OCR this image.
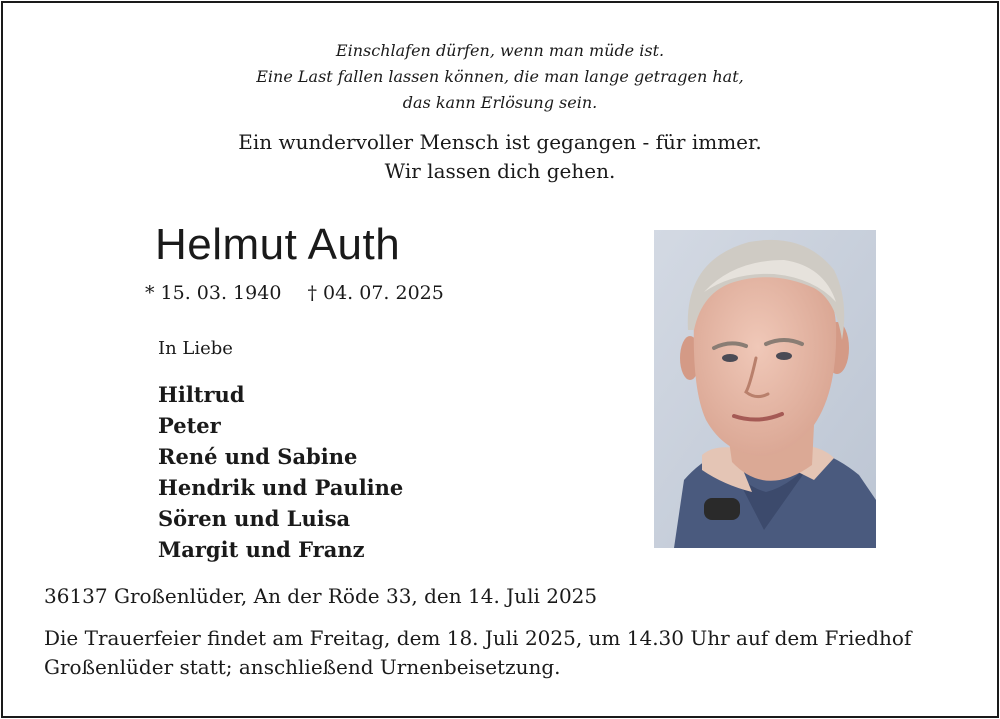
Einschlafen dürfen, wenn man müde ist.
Eine Last fallen lassen können, die man lange getragen hat,
das kann Erlösung sein.
Ein wundervoller Mensch ist gegangen - für immer.
Wir lassen dich gehen.
Helmut Auth
* 15. 03. 1940 † 04. 07. 2025
In Liebe
Hiltrud
Peter
René und Sabine
Hendrik und Pauline
Sören und Luisa
Margit und Franz
36137 Großenlüder, An der Röde 33, den 14. Juli 2025
Die Trauerfeier findet am Freitag, dem 18. Juli 2025, um 14.30 Uhr auf dem Friedhof
Großenlüder statt; anschließend Urnenbeisetzung.
